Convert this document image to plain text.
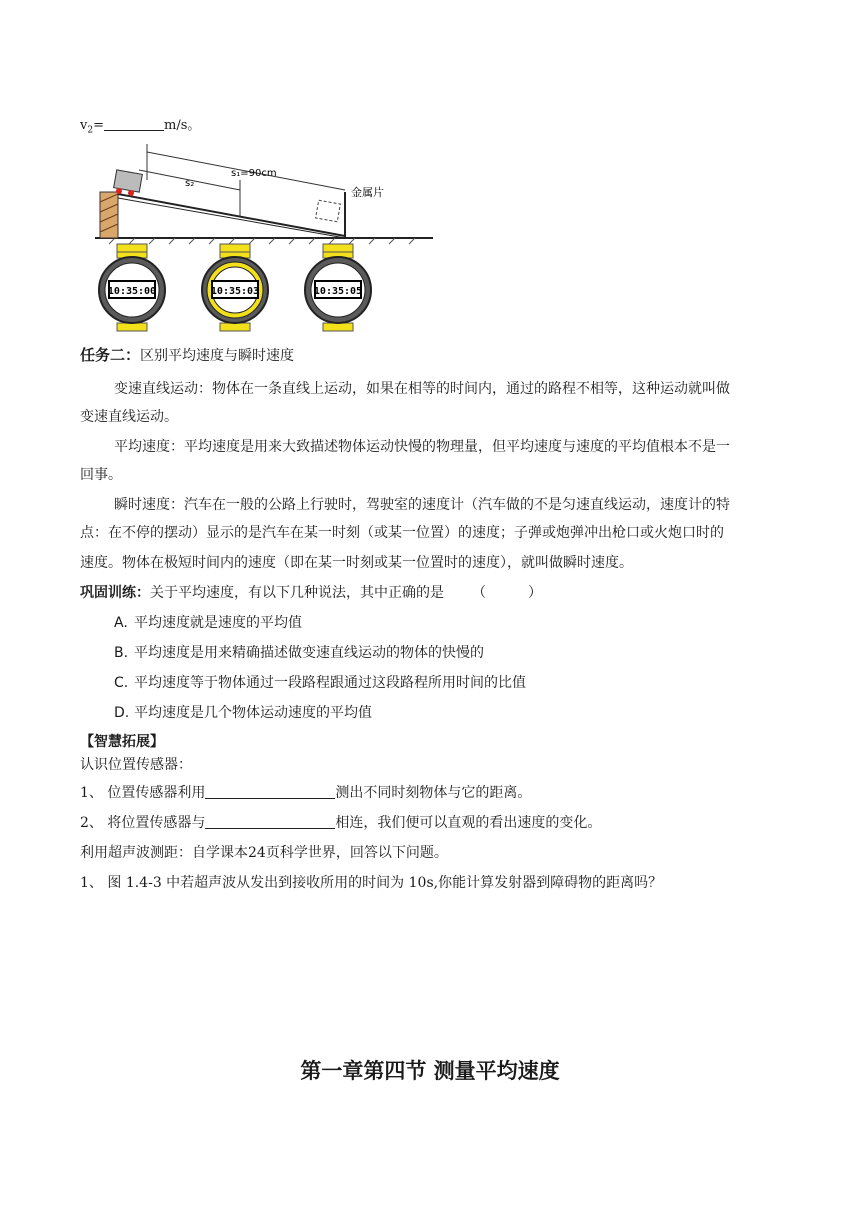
$v_2=$	m/s。
s₁=90cm
s₂
金属片
10:35:00	10:35:03	10:35:05
任务二：区别平均速度与瞬时速度
变速直线运动：物体在一条直线上运动，如果在相等的时间内，通过的路程不相等，这种运动就叫做
变速直线运动。
平均速度：平均速度是用来大致描述物体运动快慢的物理量，但平均速度与速度的平均值根本不是一
回事。
瞬时速度：汽车在一般的公路上行驶时，驾驶室的速度计（汽车做的不是匀速直线运动，速度计的特
点：在不停的摆动）显示的是汽车在某一时刻（或某一位置）的速度；子弹或炮弹冲出枪口或火炮口时的
速度。物体在极短时间内的速度（即在某一时刻或某一位置时的速度），就叫做瞬时速度。
巩固训练：关于平均速度，有以下几种说法，其中正确的是 （　　　）
A. 平均速度就是速度的平均值
B. 平均速度是用来精确描述做变速直线运动的物体的快慢的
C. 平均速度等于物体通过一段路程跟通过这段路程所用时间的比值
D. 平均速度是几个物体运动速度的平均值
【智慧拓展】
认识位置传感器：
1、 位置传感器利用	测出不同时刻物体与它的距离。
2、 将位置传感器与	相连，我们便可以直观的看出速度的变化。
利用超声波测距：自学课本24页科学世界，回答以下问题。
1、 图 1.4-3 中若超声波从发出到接收所用的时间为 10s,你能计算发射器到障碍物的距离吗？
第一章第四节 测量平均速度
